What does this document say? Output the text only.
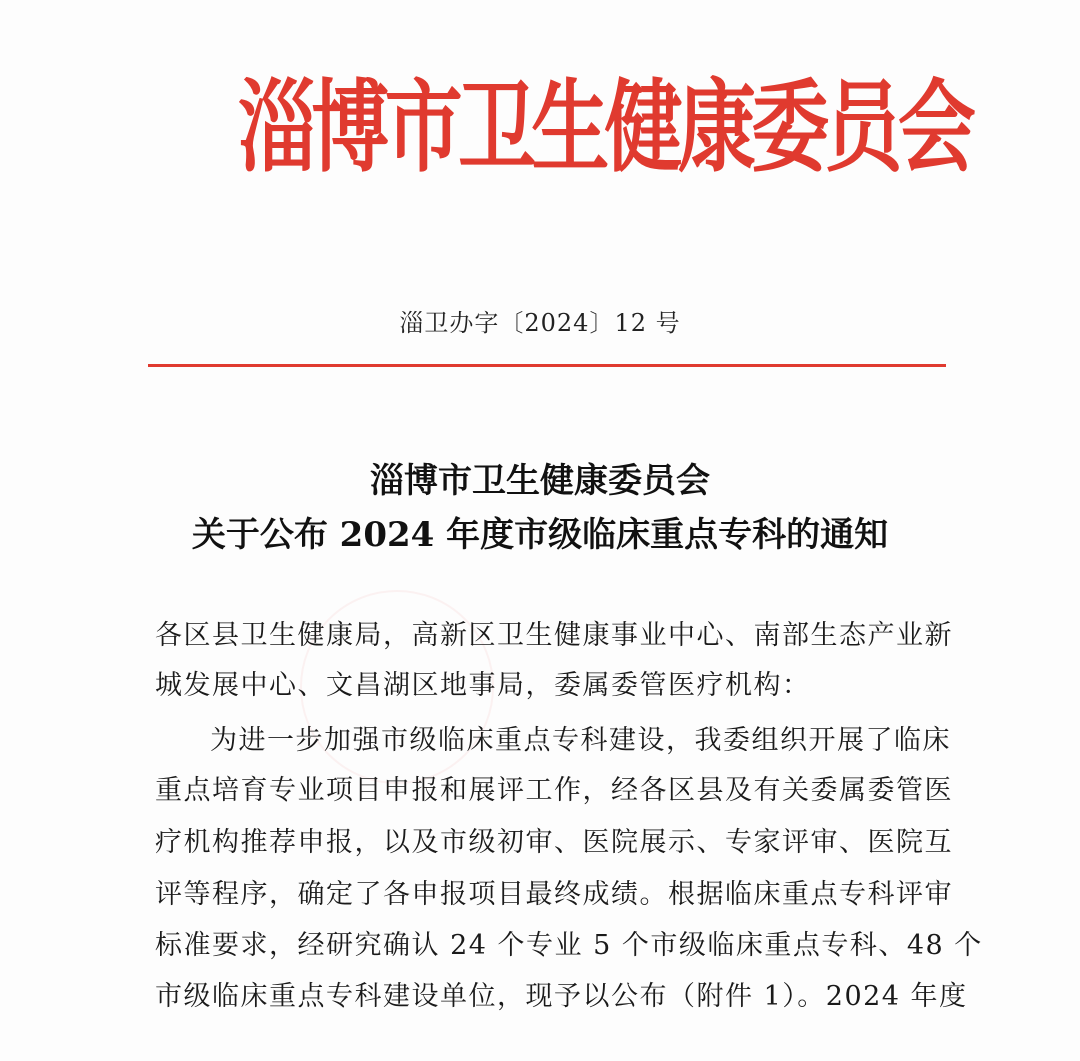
淄博市卫生健康委员会
淄卫办字〔2024〕12 号
淄博市卫生健康委员会
关于公布 2024 年度市级临床重点专科的通知
各区县卫生健康局，高新区卫生健康事业中心、南部生态产业新
城发展中心、文昌湖区地事局，委属委管医疗机构：
为进一步加强市级临床重点专科建设，我委组织开展了临床
重点培育专业项目申报和展评工作，经各区县及有关委属委管医
疗机构推荐申报，以及市级初审、医院展示、专家评审、医院互
评等程序，确定了各申报项目最终成绩。根据临床重点专科评审
标准要求，经研究确认 24 个专业 5 个市级临床重点专科、48 个
市级临床重点专科建设单位，现予以公布（附件 1）。2024 年度
